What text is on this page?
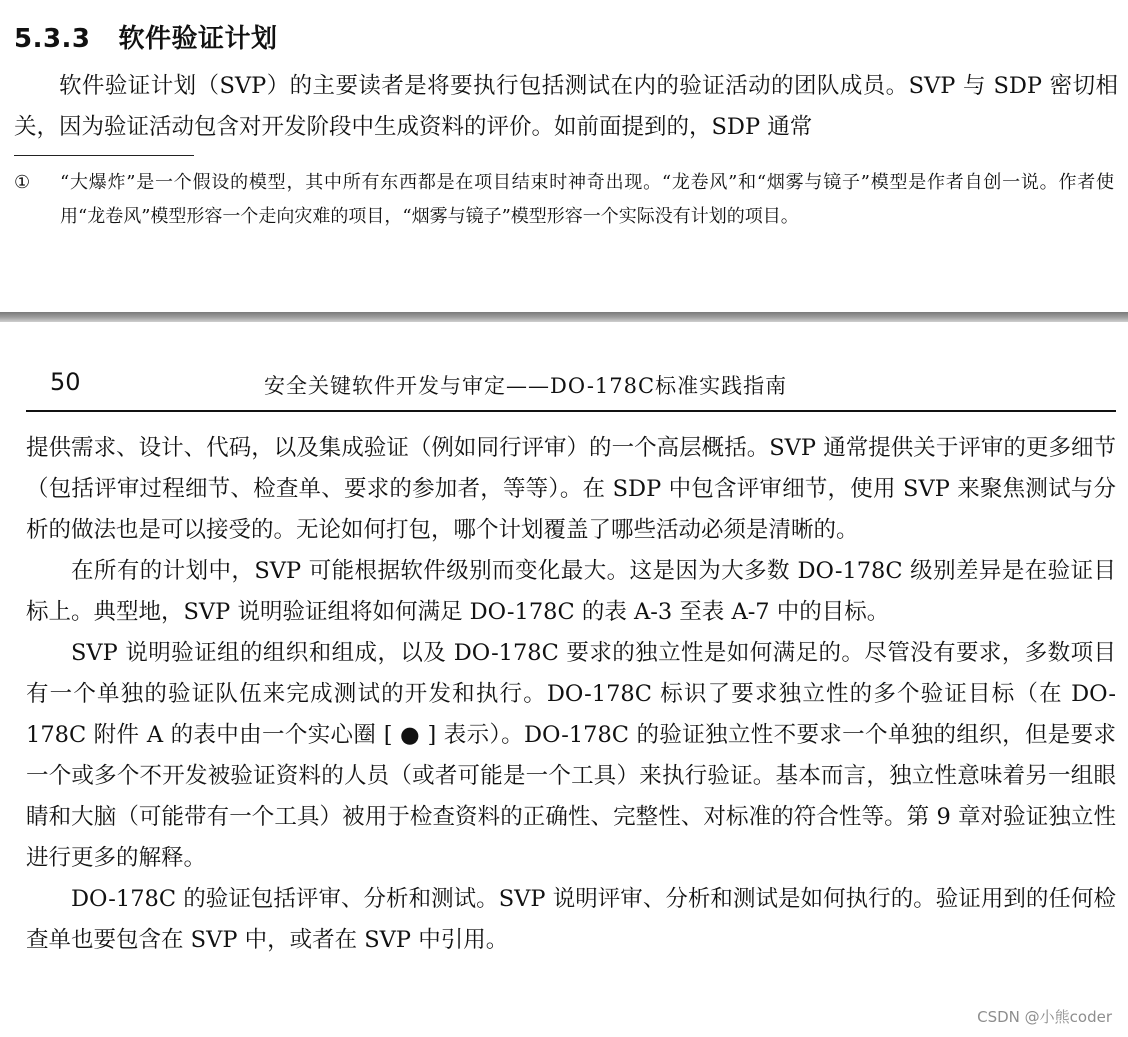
5.3.3 软件验证计划

软件验证计划（SVP）的主要读者是将要执行包括测试在内的验证活动的团队成员。SVP 与 SDP 密切相关，因为验证活动包含对开发阶段中生成资料的评价。如前面提到的，SDP 通常

①	“大爆炸”是一个假设的模型，其中所有东西都是在项目结束时神奇出现。“龙卷风”和“烟雾与镜子”模型是作者自创一说。作者使用“龙卷风”模型形容一个走向灾难的项目，“烟雾与镜子”模型形容一个实际没有计划的项目。
50	安全关键软件开发与审定——DO-178C标准实践指南

提供需求、设计、代码，以及集成验证（例如同行评审）的一个高层概括。SVP 通常提供关于评审的更多细节（包括评审过程细节、检查单、要求的参加者，等等）。在 SDP 中包含评审细节，使用 SVP 来聚焦测试与分析的做法也是可以接受的。无论如何打包，哪个计划覆盖了哪些活动必须是清晰的。

在所有的计划中，SVP 可能根据软件级别而变化最大。这是因为大多数 DO-178C 级别差异是在验证目标上。典型地，SVP 说明验证组将如何满足 DO-178C 的表 A-3 至表 A-7 中的目标。

SVP 说明验证组的组织和组成，以及 DO-178C 要求的独立性是如何满足的。尽管没有要求，多数项目有一个单独的验证队伍来完成测试的开发和执行。DO-178C 标识了要求独立性的多个验证目标（在 DO-178C 附件 A 的表中由一个实心圈 [ ● ] 表示）。DO-178C 的验证独立性不要求一个单独的组织，但是要求一个或多个不开发被验证资料的人员（或者可能是一个工具）来执行验证。基本而言，独立性意味着另一组眼睛和大脑（可能带有一个工具）被用于检查资料的正确性、完整性、对标准的符合性等。第 9 章对验证独立性进行更多的解释。

DO-178C 的验证包括评审、分析和测试。SVP 说明评审、分析和测试是如何执行的。验证用到的任何检查单也要包含在 SVP 中，或者在 SVP 中引用。

CSDN @小熊coder
